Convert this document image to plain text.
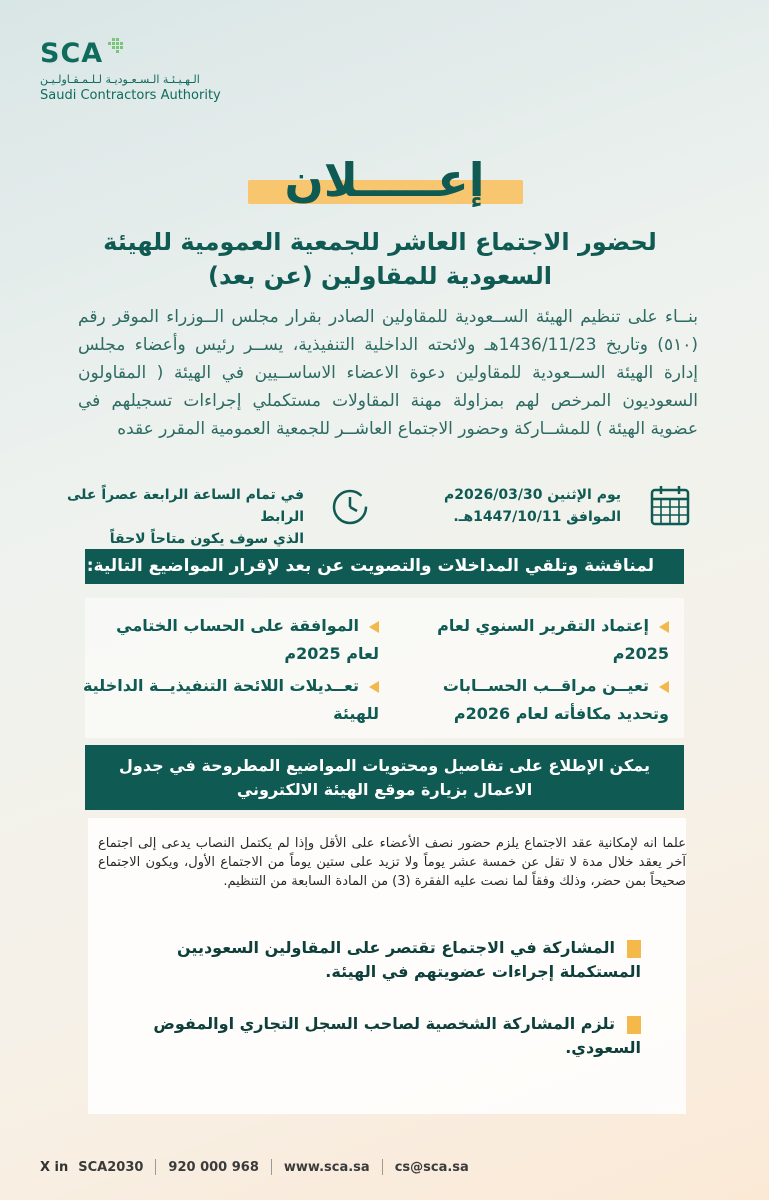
SCA
الـهـيـئـة الـسـعـوديـة لـلـمـقـاولـيـن
Saudi Contractors Authority
إعـــــلان
لحضور الاجتماع العاشر للجمعية العمومية للهيئة
السعودية للمقاولين (عن بعد)
بنــاء على تنظيم الهيئة الســعودية للمقاولين الصادر بقرار مجلس الــوزراء الموقر رقم (٥١٠) وتاريخ 1436/11/23هـ ولائحته الداخلية التنفيذية، يســر رئيس وأعضاء مجلس إدارة الهيئة الســعودية للمقاولين دعوة الاعضاء الاساســيين في الهيئة ( المقاولون السعوديون المرخص لهم بمزاولة مهنة المقاولات مستكملي إجراءات تسجيلهم في عضوية الهيئة ) للمشــاركة وحضور الاجتماع العاشــر للجمعية العمومية المقرر عقده
يوم الإثنين 2026/03/30م
الموافق 1447/10/11هـ.
في تمام الساعة الرابعة عصراً على الرابط
الذي سوف يكون متاحاً لاحقاً
لمناقشة وتلقي المداخلات والتصويت عن بعد لإقرار المواضيع التالية:
إعتماد التقرير السنوي لعام 2025م
الموافقة على الحساب الختامي لعام 2025م
تعيــن مراقــب الحســابات وتحديد مكافأته لعام 2026م
تعــديلات اللائحة التنفيذيــة الداخلية للهيئة
يمكن الإطلاع على تفاصيل ومحتويات المواضيع المطروحة في جدول
الاعمال بزيارة موقع الهيئة الالكتروني
علما انه لإمكانية عقد الاجتماع يلزم حضور نصف الأعضاء على الأقل وإذا لم يكتمل النصاب يدعى إلى اجتماع آخر يعقد خلال مدة لا تقل عن خمسة عشر يوماً ولا تزيد على ستين يوماً من الاجتماع الأول، ويكون الاجتماع صحيحاً بمن حضر، وذلك وفقاً لما نصت عليه الفقرة (3) من المادة السابعة من التنظيم.
المشاركة في الاجتماع تقتصر على المقاولين السعوديين المستكملة إجراءات عضويتهم في الهيئة.
تلزم المشاركة الشخصية لصاحب السجل التجاري اوالمفوض السعودي.
X in SCA2030 920 000 968 www.sca.sa cs@sca.sa
